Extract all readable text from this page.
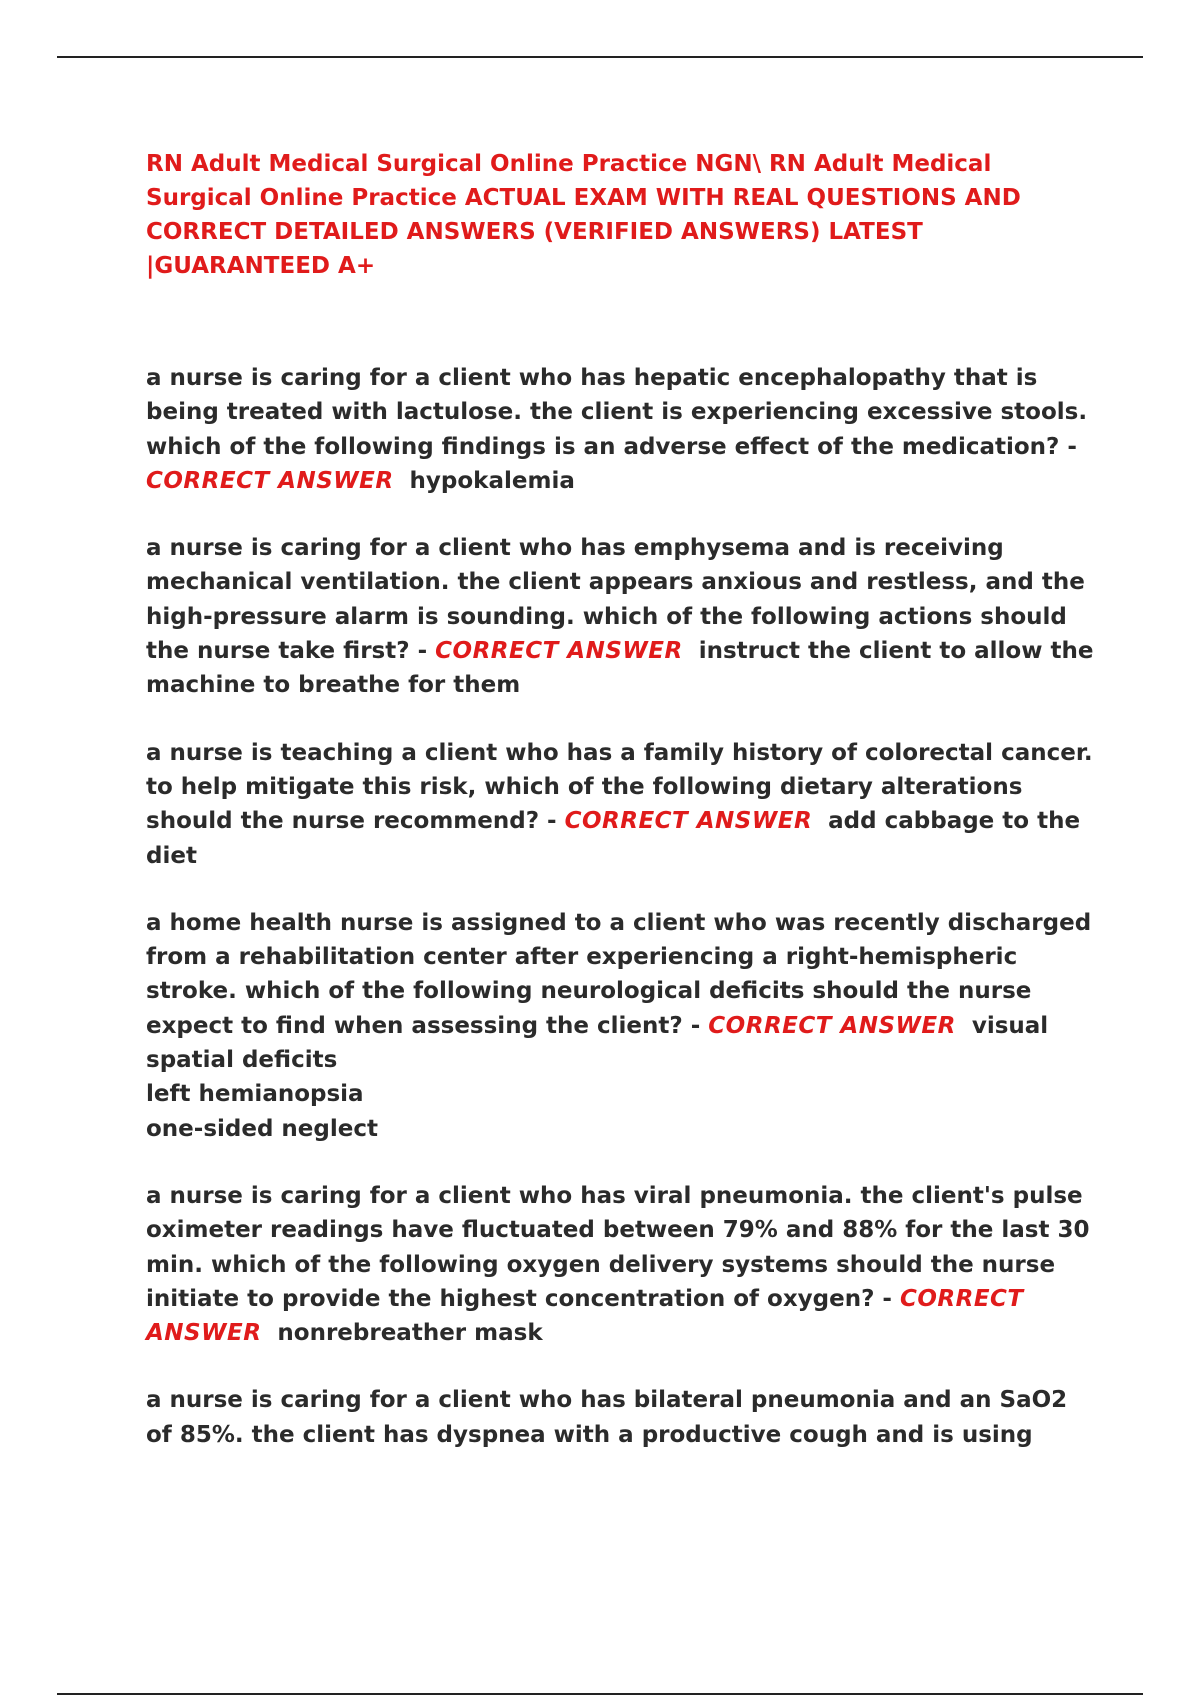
RN Adult Medical Surgical Online Practice NGN\ RN Adult Medical Surgical Online Practice ACTUAL EXAM WITH REAL QUESTIONS AND CORRECT DETAILED ANSWERS (VERIFIED ANSWERS) LATEST |GUARANTEED A+
a nurse is caring for a client who has hepatic encephalopathy that is being treated with lactulose. the client is experiencing excessive stools. which of the following findings is an adverse effect of the medication? - CORRECT ANSWER hypokalemia
a nurse is caring for a client who has emphysema and is receiving mechanical ventilation. the client appears anxious and restless, and the high-pressure alarm is sounding. which of the following actions should the nurse take first? - CORRECT ANSWER instruct the client to allow the machine to breathe for them
a nurse is teaching a client who has a family history of colorectal cancer. to help mitigate this risk, which of the following dietary alterations should the nurse recommend? - CORRECT ANSWER add cabbage to the diet
a home health nurse is assigned to a client who was recently discharged from a rehabilitation center after experiencing a right-hemispheric stroke. which of the following neurological deficits should the nurse expect to find when assessing the client? - CORRECT ANSWER visual spatial deficits
left hemianopsia
one-sided neglect
a nurse is caring for a client who has viral pneumonia. the client's pulse oximeter readings have fluctuated between 79% and 88% for the last 30 min. which of the following oxygen delivery systems should the nurse initiate to provide the highest concentration of oxygen? - CORRECT ANSWER nonrebreather mask
a nurse is caring for a client who has bilateral pneumonia and an SaO2 of 85%. the client has dyspnea with a productive cough and is using
